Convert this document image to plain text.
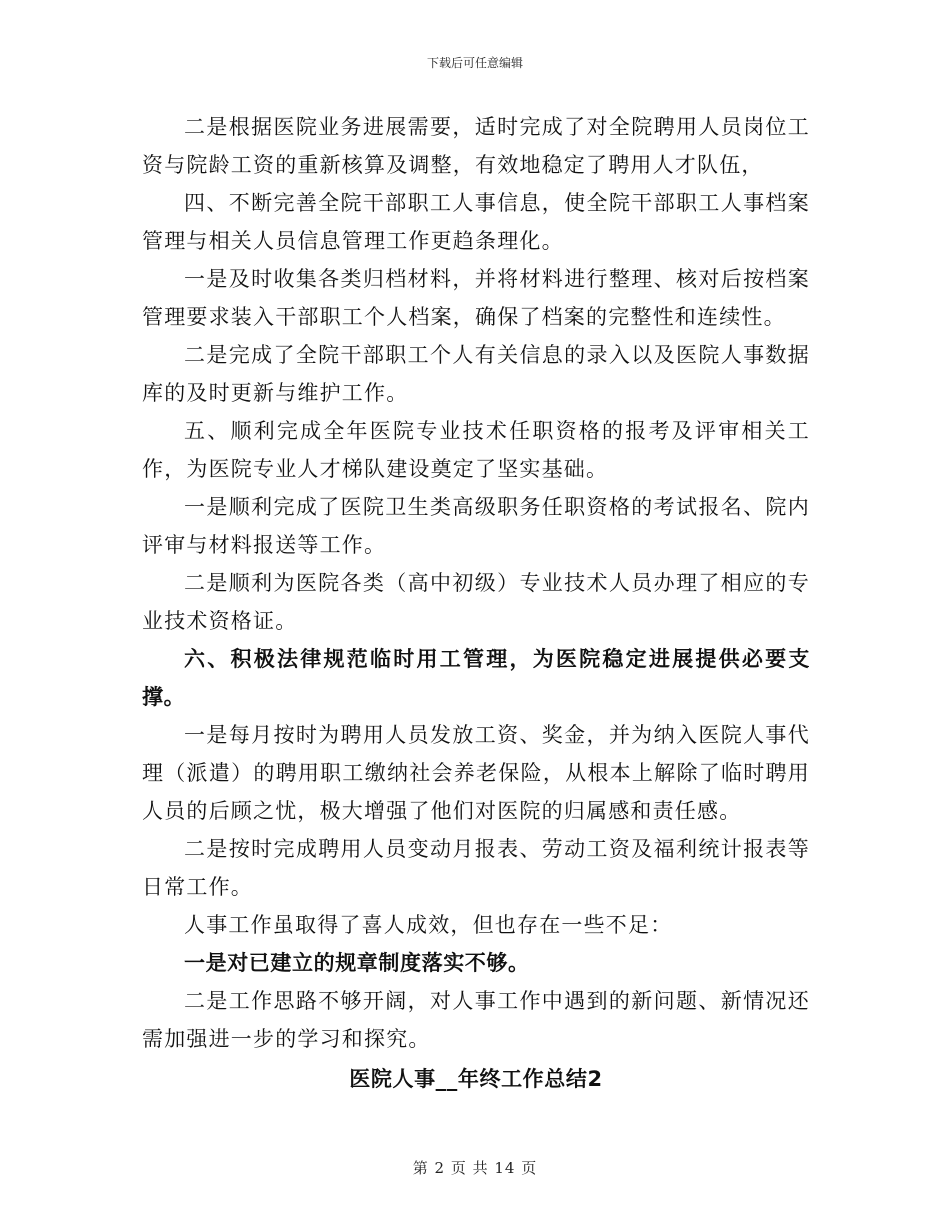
下载后可任意编辑

二是根据医院业务进展需要，适时完成了对全院聘用人员岗位工资与院龄工资的重新核算及调整，有效地稳定了聘用人才队伍，

四、不断完善全院干部职工人事信息，使全院干部职工人事档案管理与相关人员信息管理工作更趋条理化。

一是及时收集各类归档材料，并将材料进行整理、核对后按档案管理要求装入干部职工个人档案，确保了档案的完整性和连续性。

二是完成了全院干部职工个人有关信息的录入以及医院人事数据库的及时更新与维护工作。

五、顺利完成全年医院专业技术任职资格的报考及评审相关工作，为医院专业人才梯队建设奠定了坚实基础。

一是顺利完成了医院卫生类高级职务任职资格的考试报名、院内评审与材料报送等工作。

二是顺利为医院各类（高中初级）专业技术人员办理了相应的专业技术资格证。

六、积极法律规范临时用工管理，为医院稳定进展提供必要支撑。

一是每月按时为聘用人员发放工资、奖金，并为纳入医院人事代理（派遣）的聘用职工缴纳社会养老保险，从根本上解除了临时聘用人员的后顾之忧，极大增强了他们对医院的归属感和责任感。

二是按时完成聘用人员变动月报表、劳动工资及福利统计报表等日常工作。

人事工作虽取得了喜人成效，但也存在一些不足：

一是对已建立的规章制度落实不够。

二是工作思路不够开阔，对人事工作中遇到的新问题、新情况还需加强进一步的学习和探究。

医院人事__年终工作总结2
第 2 页 共 14 页
